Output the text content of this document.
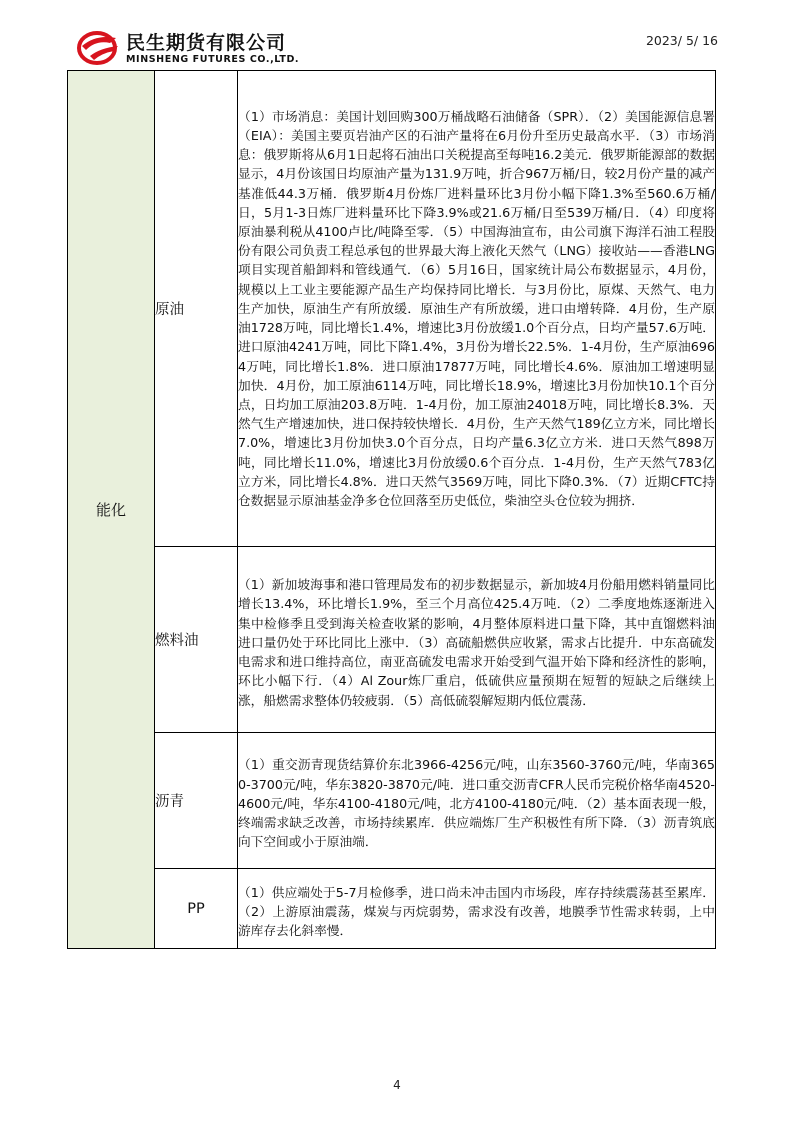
民生期货有限公司
MINSHENG FUTURES CO.,LTD.
2023/ 5/ 16
能化	原油	（1）市场消息：美国计划回购300万桶战略石油储备（SPR）．（2）美国能源信息署（EIA）：美国主要页岩油产区的石油产量将在6月份升至历史最高水平．（3）市场消息：俄罗斯将从6月1日起将石油出口关税提高至每吨16.2美元．俄罗斯能源部的数据显示，4月份该国日均原油产量为131.9万吨，折合967万桶/日，较2月份产量的减产基准低44.3万桶．俄罗斯4月份炼厂进料量环比3月份小幅下降1.3%至560.6万桶/日，5月1-3日炼厂进料量环比下降3.9%或21.6万桶/日至539万桶/日．（4）印度将原油暴利税从4100卢比/吨降至零．（5）中国海油宣布，由公司旗下海洋石油工程股份有限公司负责工程总承包的世界最大海上液化天然气（LNG）接收站——香港LNG项目实现首船卸料和管线通气．（6）5月16日，国家统计局公布数据显示，4月份，规模以上工业主要能源产品生产均保持同比增长．与3月份比，原煤、天然气、电力生产加快，原油生产有所放缓．原油生产有所放缓，进口由增转降．4月份，生产原油1728万吨，同比增长1.4%，增速比3月份放缓1.0个百分点，日均产量57.6万吨．进口原油4241万吨，同比下降1.4%，3月份为增长22.5%．1-4月份，生产原油6964万吨，同比增长1.8%．进口原油17877万吨，同比增长4.6%．原油加工增速明显加快．4月份，加工原油6114万吨，同比增长18.9%，增速比3月份加快10.1个百分点，日均加工原油203.8万吨．1-4月份，加工原油24018万吨，同比增长8.3%．天然气生产增速加快，进口保持较快增长．4月份，生产天然气189亿立方米，同比增长7.0%，增速比3月份加快3.0个百分点，日均产量6.3亿立方米．进口天然气898万吨，同比增长11.0%，增速比3月份放缓0.6个百分点．1-4月份，生产天然气783亿立方米，同比增长4.8%．进口天然气3569万吨，同比下降0.3%．（7）近期CFTC持仓数据显示原油基金净多仓位回落至历史低位，柴油空头仓位较为拥挤．
	燃料油	（1）新加坡海事和港口管理局发布的初步数据显示，新加坡4月份船用燃料销量同比增长13.4%，环比增长1.9%，至三个月高位425.4万吨．（2）二季度地炼逐渐进入集中检修季且受到海关检查收紧的影响，4月整体原料进口量下降，其中直馏燃料油进口量仍处于环比同比上涨中．（3）高硫船燃供应收紧，需求占比提升．中东高硫发电需求和进口维持高位，南亚高硫发电需求开始受到气温开始下降和经济性的影响，环比小幅下行．（4）Al Zour炼厂重启，低硫供应量预期在短暂的短缺之后继续上涨，船燃需求整体仍较疲弱．（5）高低硫裂解短期内低位震荡．
	沥青	（1）重交沥青现货结算价东北3966-4256元/吨，山东3560-3760元/吨，华南3650-3700元/吨，华东3820-3870元/吨．进口重交沥青CFR人民币完税价格华南4520-4600元/吨，华东4100-4180元/吨，北方4100-4180元/吨．（2）基本面表现一般，终端需求缺乏改善，市场持续累库．供应端炼厂生产积极性有所下降．（3）沥青筑底向下空间或小于原油端．
	PP	（1）供应端处于5-7月检修季，进口尚未冲击国内市场段，库存持续震荡甚至累库．（2）上游原油震荡，煤炭与丙烷弱势，需求没有改善，地膜季节性需求转弱，上中游库存去化斜率慢．
4
